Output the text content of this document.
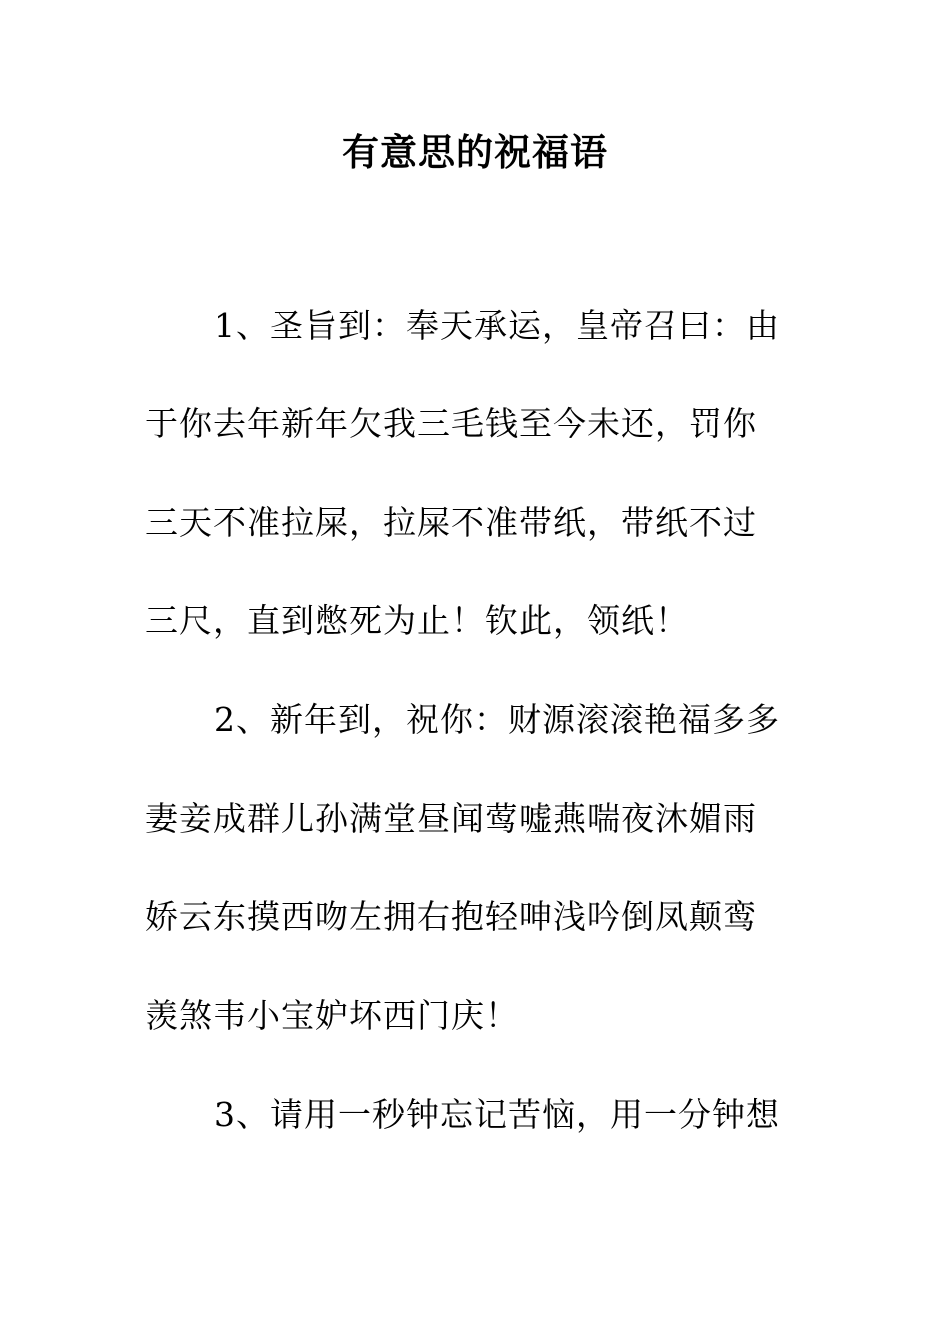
有意思的祝福语
1、圣旨到：奉天承运，皇帝召曰：由
于你去年新年欠我三毛钱至今未还，罚你
三天不准拉屎，拉屎不准带纸，带纸不过
三尺，直到憋死为止！钦此，领纸！
2、新年到，祝你：财源滚滚艳福多多
妻妾成群儿孙满堂昼闻莺嘘燕喘夜沐媚雨
娇云东摸西吻左拥右抱轻呻浅吟倒凤颠鸾
羡煞韦小宝妒坏西门庆！
3、请用一秒钟忘记苦恼，用一分钟想
